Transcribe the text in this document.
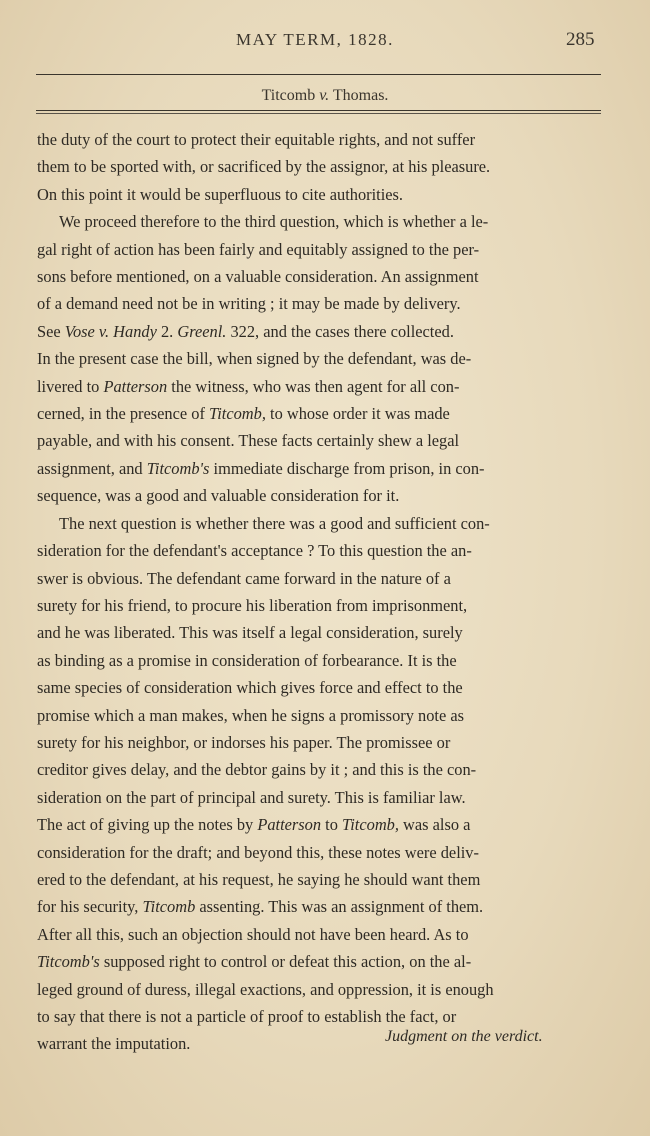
MAY TERM, 1828.	285
Titcomb v. Thomas.
the duty of the court to protect their equitable rights, and not suffer
them to be sported with, or sacrificed by the assignor, at his pleasure.
On this point it would be superfluous to cite authorities.
We proceed therefore to the third question, which is whether a le-
gal right of action has been fairly and equitably assigned to the per-
sons before mentioned, on a valuable consideration. An assignment
of a demand need not be in writing ; it may be made by delivery.
See Vose v. Handy 2. Greenl. 322, and the cases there collected.
In the present case the bill, when signed by the defendant, was de-
livered to Patterson the witness, who was then agent for all con-
cerned, in the presence of Titcomb, to whose order it was made
payable, and with his consent. These facts certainly shew a legal
assignment, and Titcomb's immediate discharge from prison, in con-
sequence, was a good and valuable consideration for it.
The next question is whether there was a good and sufficient con-
sideration for the defendant's acceptance ? To this question the an-
swer is obvious. The defendant came forward in the nature of a
surety for his friend, to procure his liberation from imprisonment,
and he was liberated. This was itself a legal consideration, surely
as binding as a promise in consideration of forbearance. It is the
same species of consideration which gives force and effect to the
promise which a man makes, when he signs a promissory note as
surety for his neighbor, or indorses his paper. The promissee or
creditor gives delay, and the debtor gains by it ; and this is the con-
sideration on the part of principal and surety. This is familiar law.
The act of giving up the notes by Patterson to Titcomb, was also a
consideration for the draft; and beyond this, these notes were deliv-
ered to the defendant, at his request, he saying he should want them
for his security, Titcomb assenting. This was an assignment of them.
After all this, such an objection should not have been heard. As to
Titcomb's supposed right to control or defeat this action, on the al-
leged ground of duress, illegal exactions, and oppression, it is enough
to say that there is not a particle of proof to establish the fact, or
warrant the imputation.	Judgment on the verdict.
